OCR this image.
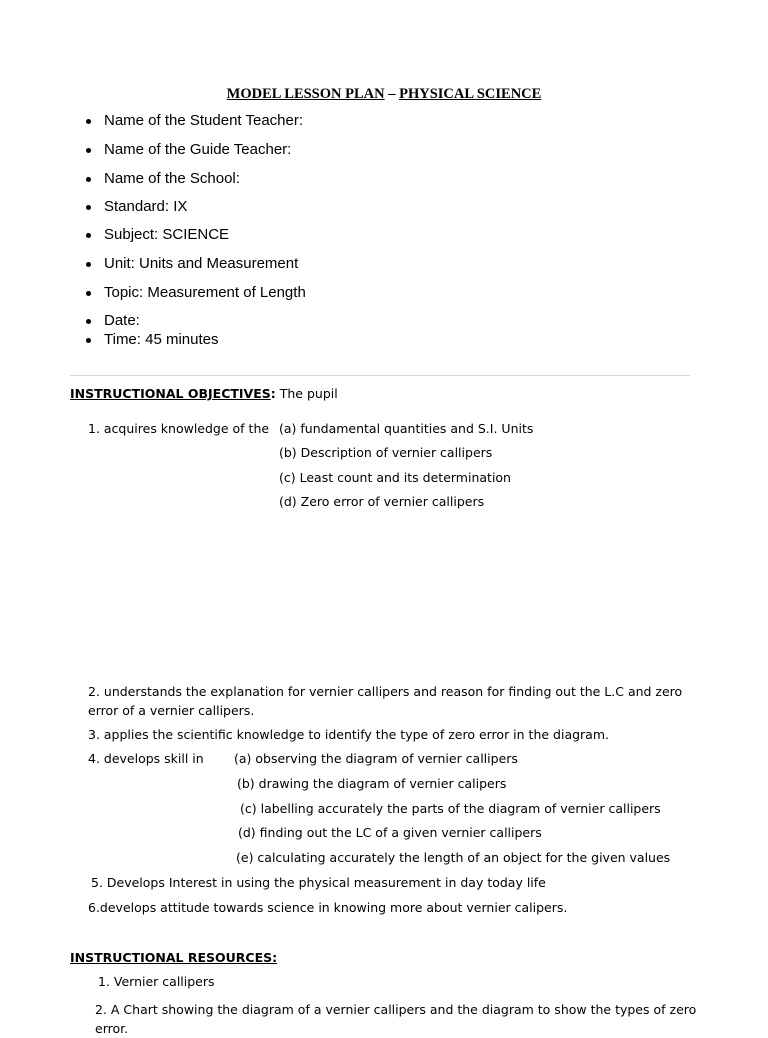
MODEL LESSON PLAN – PHYSICAL SCIENCE
Name of the Student Teacher:
Name of the Guide Teacher:
Name of the School:
Standard: IX
Subject: SCIENCE
Unit: Units and Measurement
Topic: Measurement of Length
Date:
Time: 45 minutes
INSTRUCTIONAL OBJECTIVES: The pupil
1. acquires knowledge of the (a) fundamental quantities and S.I. Units
(b) Description of vernier callipers
(c) Least count and its determination
(d) Zero error of vernier callipers
2. understands the explanation for vernier callipers and reason for finding out the L.C and zero error of a vernier callipers.
3. applies the scientific knowledge to identify the type of zero error in the diagram.
4. develops skill in (a) observing the diagram of vernier callipers
(b) drawing the diagram of vernier calipers
(c) labelling accurately the parts of the diagram of vernier callipers
(d) finding out the LC of a given vernier callipers
(e) calculating accurately the length of an object for the given values
5. Develops Interest in using the physical measurement in day today life
6.develops attitude towards science in knowing more about vernier calipers.
INSTRUCTIONAL RESOURCES:
1. Vernier callipers
2. A Chart showing the diagram of a vernier callipers and the diagram to show the types of zero error.
